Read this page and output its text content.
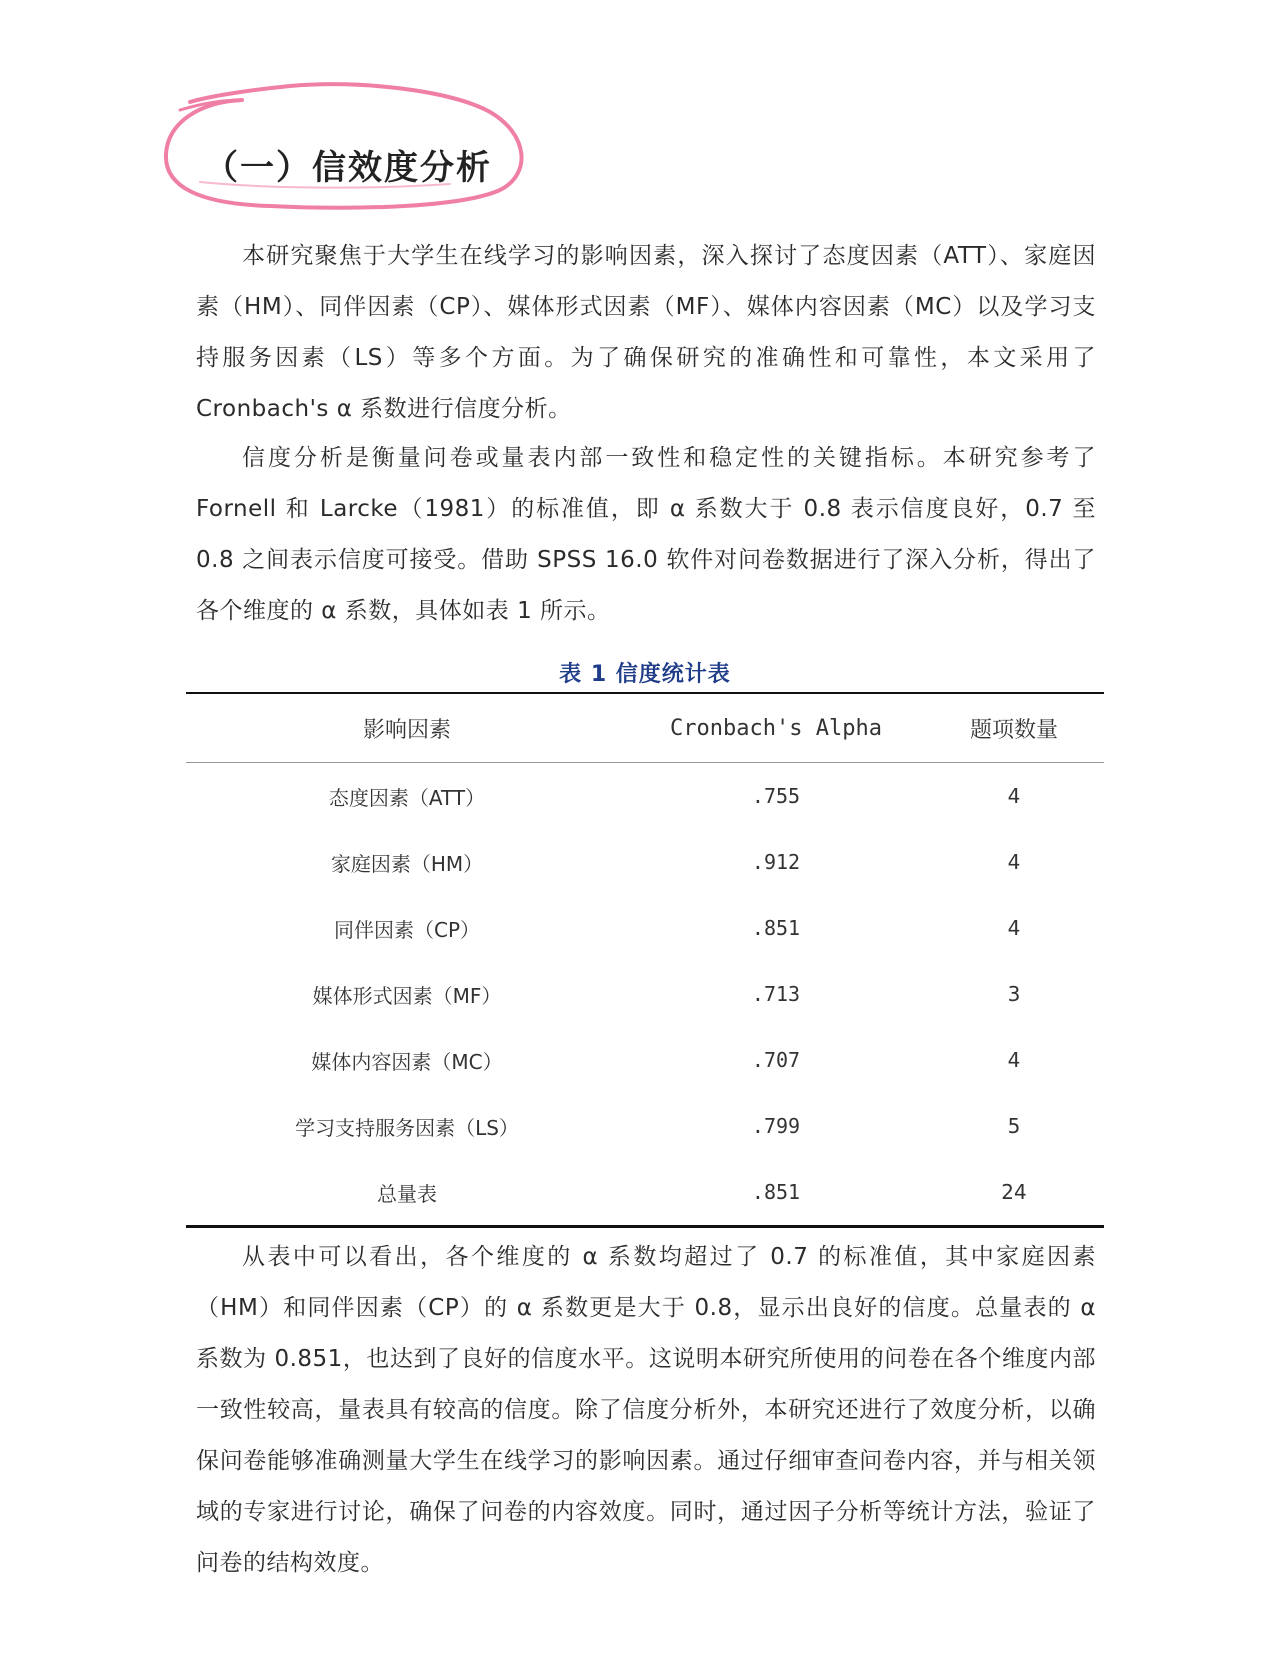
（一）信效度分析

本研究聚焦于大学生在线学习的影响因素，深入探讨了态度因素（ATT）、家庭因素（HM）、同伴因素（CP）、媒体形式因素（MF）、媒体内容因素（MC）以及学习支持服务因素（LS）等多个方面。为了确保研究的准确性和可靠性，本文采用了 Cronbach's α 系数进行信度分析。

信度分析是衡量问卷或量表内部一致性和稳定性的关键指标。本研究参考了 Fornell 和 Larcke（1981）的标准值，即 α 系数大于 0.8 表示信度良好，0.7 至 0.8 之间表示信度可接受。借助 SPSS 16.0 软件对问卷数据进行了深入分析，得出了各个维度的 α 系数，具体如表 1 所示。

表 1 信度统计表
影响因素	Cronbach's Alpha	题项数量
态度因素（ATT）	.755	4
家庭因素（HM）	.912	4
同伴因素（CP）	.851	4
媒体形式因素（MF）	.713	3
媒体内容因素（MC）	.707	4
学习支持服务因素（LS）	.799	5
总量表	.851	24

从表中可以看出，各个维度的 α 系数均超过了 0.7 的标准值，其中家庭因素（HM）和同伴因素（CP）的 α 系数更是大于 0.8，显示出良好的信度。总量表的 α 系数为 0.851，也达到了良好的信度水平。这说明本研究所使用的问卷在各个维度内部一致性较高，量表具有较高的信度。除了信度分析外，本研究还进行了效度分析，以确保问卷能够准确测量大学生在线学习的影响因素。通过仔细审查问卷内容，并与相关领域的专家进行讨论，确保了问卷的内容效度。同时，通过因子分析等统计方法，验证了问卷的结构效度。
